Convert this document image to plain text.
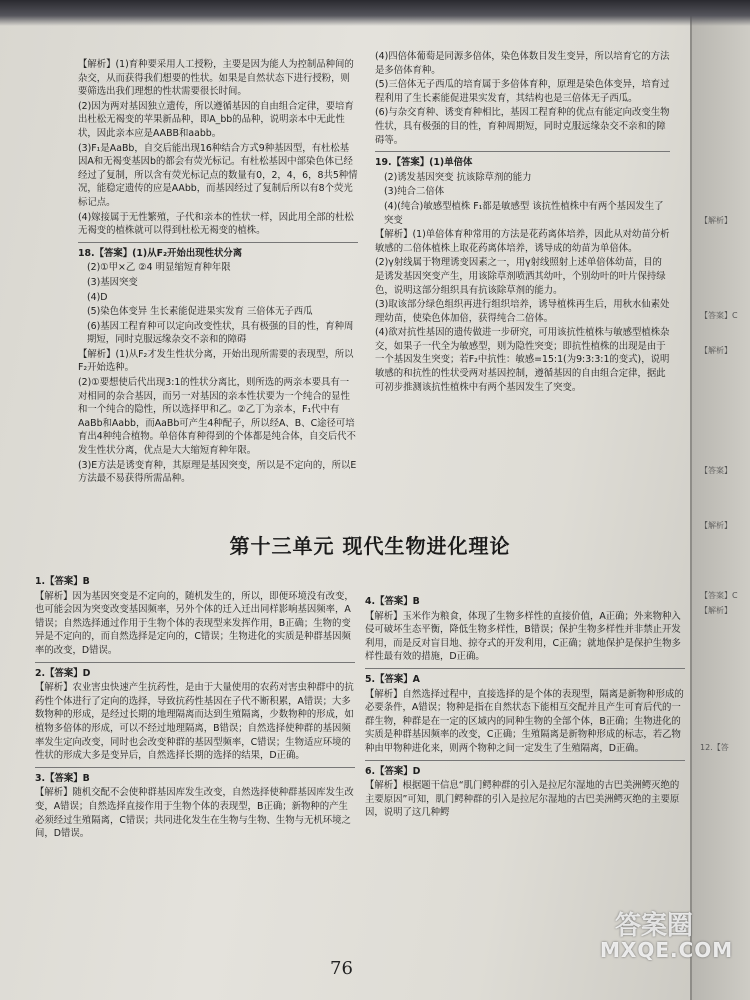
【解析】
【答案】C
【解析】
【答案】
【解析】
【答案】C
【解析】
12.【答

【解析】(1)育种要采用人工授粉，主要是因为能人为控制品种间的杂交，从而获得我们想要的性状。如果是自然状态下进行授粉，则要筛选出我们理想的性状需要很长时间。

(2)因为两对基因独立遗传，所以遵循基因的自由组合定律，要培育出杜松无褐变的苹果新品种，即A_bb的品种，说明亲本中无此性状，因此亲本应是AABB和aabb。

(3)F₁是AaBb，自交后能出现16种结合方式9种基因型，有杜松基因A和无褐变基因b的都会有荧光标记。有杜松基因中部染色体已经经过了复制，所以含有荧光标记点的数量有0，2，4，6，8共5种情况，能稳定遗传的应是AAbb，而基因经过了复制后所以有8个荧光标记点。

(4)嫁接属于无性繁殖，子代和亲本的性状一样，因此用全部的杜松无褐变的植株就可以得到杜松无褐变的植株。

18.【答案】(1)从F₂开始出现性状分离

(2)①甲×乙 ②4 明显缩短育种年限

(3)基因突变

(4)D

(5)染色体变异 生长素能促进果实发育 三倍体无子西瓜

(6)基因工程育种可以定向改变性状，具有极强的目的性，育种周期短，同时克服远缘杂交不亲和的障碍

【解析】(1)从F₂才发生性状分离，开始出现所需要的表现型，所以F₂开始选种。

(2)①要想使后代出现3:1的性状分离比，则所选的两亲本要具有一对相同的杂合基因，而另一对基因的亲本性状要为一个纯合的显性和一个纯合的隐性，所以选择甲和乙。②乙丁为亲本，F₁代中有AaBb和Aabb，而AaBb可产生4种配子，所以经A、B、C途径可培育出4种纯合植物。单倍体育种得到的个体都是纯合体，自交后代不发生性状分离，优点是大大缩短育种年限。

(3)E方法是诱变育种，其原理是基因突变，所以是不定向的，所以E方法最不易获得所需品种。

(4)四倍体葡萄是同源多倍体，染色体数目发生变异，所以培育它的方法是多倍体育种。

(5)三倍体无子西瓜的培育属于多倍体育种，原理是染色体变异，培育过程利用了生长素能促进果实发育，其结构也是三倍体无子西瓜。

(6)与杂交育种、诱变育种相比，基因工程育种的优点有能定向改变生物性状，具有极强的目的性，育种周期短，同时克服远缘杂交不亲和的障碍等。

19.【答案】(1)单倍体

(2)诱发基因突变 抗该除草剂的能力

(3)纯合二倍体

(4)(纯合)敏感型植株 F₁都是敏感型 该抗性植株中有两个基因发生了突变

【解析】(1)单倍体育种常用的方法是花药离体培养，因此从对幼苗分析敏感的二倍体植株上取花药离体培养，诱导成的幼苗为单倍体。

(2)γ射线属于物理诱变因素之一，用γ射线照射上述单倍体幼苗，目的是诱发基因突变产生，用该除草剂喷洒其幼叶，个别幼叶的叶片保持绿色，说明这部分组织具有抗该除草剂的能力。

(3)取该部分绿色组织再进行组织培养，诱导植株再生后，用秋水仙素处理幼苗，使染色体加倍，获得纯合二倍体。

(4)欲对抗性基因的遗传做进一步研究，可用该抗性植株与敏感型植株杂交，如果子一代全为敏感型，则为隐性突变；即抗性植株的出现是由于一个基因发生突变；若F₂中抗性：敏感=15:1(为9:3:3:1的变式)，说明敏感的和抗性的性状受两对基因控制，遵循基因的自由组合定律，据此可初步推测该抗性植株中有两个基因发生了突变。

第十三单元 现代生物进化理论

1.【答案】B

【解析】因为基因突变是不定向的，随机发生的，所以，即便环境没有改变，也可能会因为突变改变基因频率，另外个体的迁入迁出同样影响基因频率，A错误；自然选择通过作用于生物个体的表现型来发挥作用，B正确；生物的变异是不定向的，而自然选择是定向的，C错误；生物进化的实质是种群基因频率的改变，D错误。

2.【答案】D

【解析】农业害虫快速产生抗药性，是由于大量使用的农药对害虫种群中的抗药性个体进行了定向的选择，导致抗药性基因在子代不断积累，A错误；大多数物种的形成，是经过长期的地理隔离而达到生殖隔离，少数物种的形成，如植物多倍体的形成，可以不经过地理隔离，B错误；自然选择使种群的基因频率发生定向改变，同时也会改变种群的基因型频率，C错误；生物适应环境的性状的形成大多是变异后，自然选择长期的选择的结果，D正确。

3.【答案】B

【解析】随机交配不会使种群基因库发生改变，自然选择使种群基因库发生改变，A错误；自然选择直接作用于生物个体的表现型，B正确；新物种的产生必须经过生殖隔离，C错误；共同进化发生在生物与生物、生物与无机环境之间，D错误。

4.【答案】B

【解析】玉米作为粮食，体现了生物多样性的直接价值，A正确；外来物种入侵可破坏生态平衡，降低生物多样性，B错误；保护生物多样性并非禁止开发利用，而是反对盲目地、掠夺式的开发利用，C正确；就地保护是保护生物多样性最有效的措施，D正确。

5.【答案】A

【解析】自然选择过程中，直接选择的是个体的表现型，隔离是新物种形成的必要条件，A错误；物种是指在自然状态下能相互交配并且产生可育后代的一群生物，种群是在一定的区域内的同种生物的全部个体，B正确；生物进化的实质是种群基因频率的改变，C正确；生殖隔离是新物种形成的标志，若乙物种由甲物种进化来，则两个物种之间一定发生了生殖隔离，D正确。

6.【答案】D

【解析】根据题干信息“肌门鳄种群的引入是拉尼尔湿地的古巴美洲鳄灭绝的主要原因”可知，肌门鳄种群的引入是拉尼尔湿地的古巴美洲鳄灭绝的主要原因，说明了这几种鳄

76
答案圈
MXQE.COM
